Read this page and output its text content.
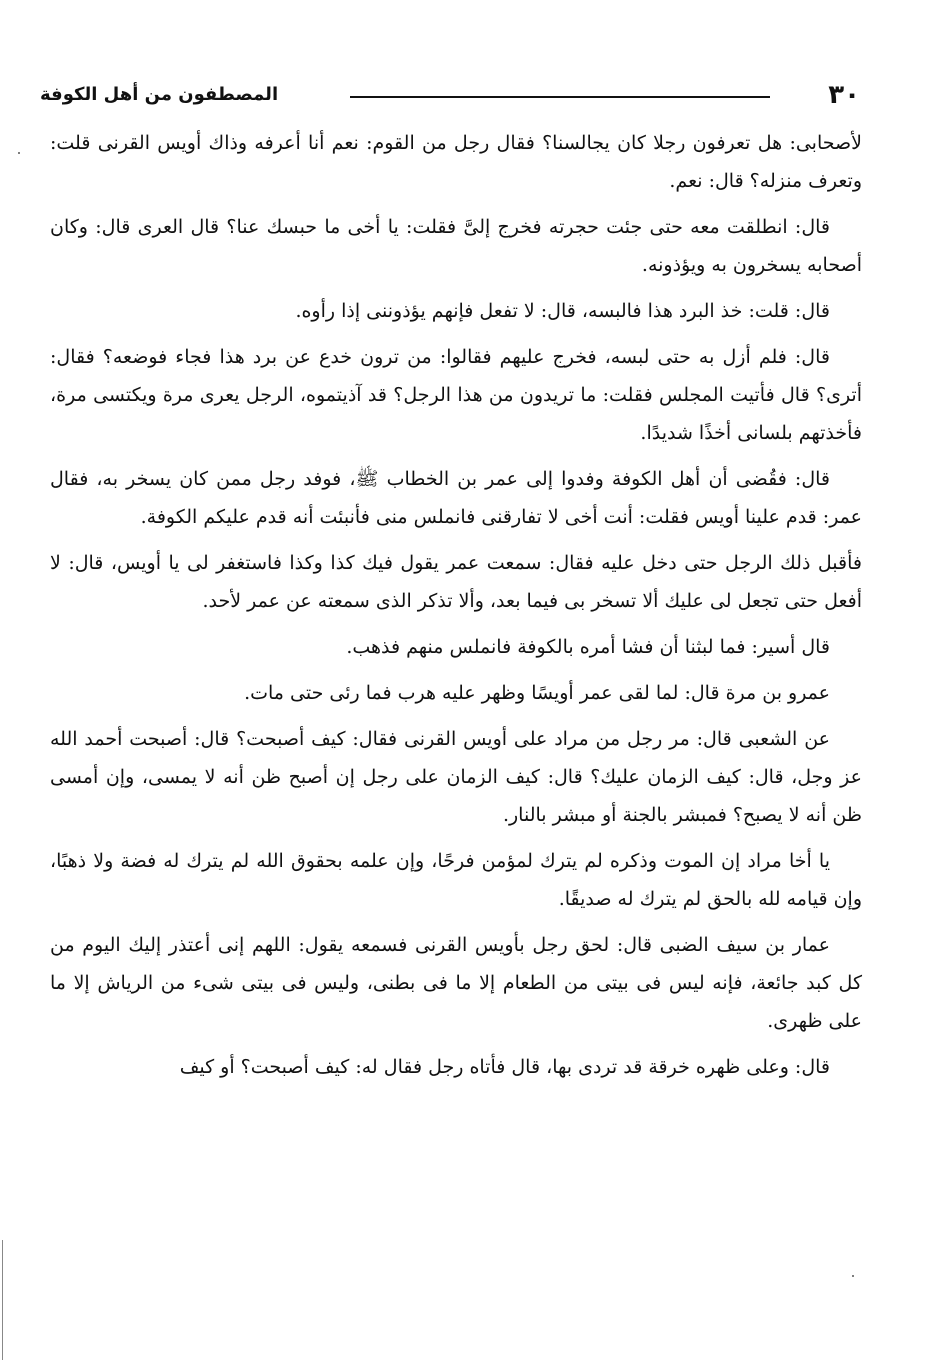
٣٠
المصطفون من أهل الكوفة

لأصحابى: هل تعرفون رجلا كان يجالسنا؟ فقال رجل من القوم: نعم أنا أعرفه وذاك أويس القرنى قلت: وتعرف منزله؟ قال: نعم.

قال: انطلقت معه حتى جئت حجرته فخرج إلىَّ فقلت: يا أخى ما حبسك عنا؟ قال العرى قال: وكان أصحابه يسخرون به ويؤذونه.

قال: قلت: خذ البرد هذا فالبسه، قال: لا تفعل فإنهم يؤذوننى إذا رأوه.

قال: فلم أزل به حتى لبسه، فخرج عليهم فقالوا: من ترون خدع عن برد هذا فجاء فوضعه؟ فقال: أترى؟ قال فأتيت المجلس فقلت: ما تريدون من هذا الرجل؟ قد آذيتموه، الرجل يعرى مرة ويكتسى مرة، فأخذتهم بلسانى أخذًا شديدًا.

قال: فقُضى أن أهل الكوفة وفدوا إلى عمر بن الخطاب ﷺ، فوفد رجل ممن كان يسخر به، فقال عمر: قدم علينا أويس فقلت: أنت أخى لا تفارقنى فانملس منى فأنبئت أنه قدم عليكم الكوفة.

فأقبل ذلك الرجل حتى دخل عليه فقال: سمعت عمر يقول فيك كذا وكذا فاستغفر لى يا أويس، قال: لا أفعل حتى تجعل لى عليك ألا تسخر بى فيما بعد، وألا تذكر الذى سمعته عن عمر لأحد.

قال أسير: فما لبثنا أن فشا أمره بالكوفة فانملس منهم فذهب.

عمرو بن مرة قال: لما لقى عمر أويسًا وظهر عليه هرب فما رئى حتى مات.

عن الشعبى قال: مر رجل من مراد على أويس القرنى فقال: كيف أصبحت؟ قال: أصبحت أحمد الله عز وجل، قال: كيف الزمان عليك؟ قال: كيف الزمان على رجل إن أصبح ظن أنه لا يمسى، وإن أمسى ظن أنه لا يصبح؟ فمبشر بالجنة أو مبشر بالنار.

يا أخا مراد إن الموت وذكره لم يترك لمؤمن فرحًا، وإن علمه بحقوق الله لم يترك له فضة ولا ذهبًا، وإن قيامه لله بالحق لم يترك له صديقًا.

عمار بن سيف الضبى قال: لحق رجل بأويس القرنى فسمعه يقول: اللهم إنى أعتذر إليك اليوم من كل كبد جائعة، فإنه ليس فى بيتى من الطعام إلا ما فى بطنى، وليس فى بيتى شىء من الرياش إلا ما على ظهرى.

قال: وعلى ظهره خرقة قد تردى بها، قال فأتاه رجل فقال له: كيف أصبحت؟ أو كيف
